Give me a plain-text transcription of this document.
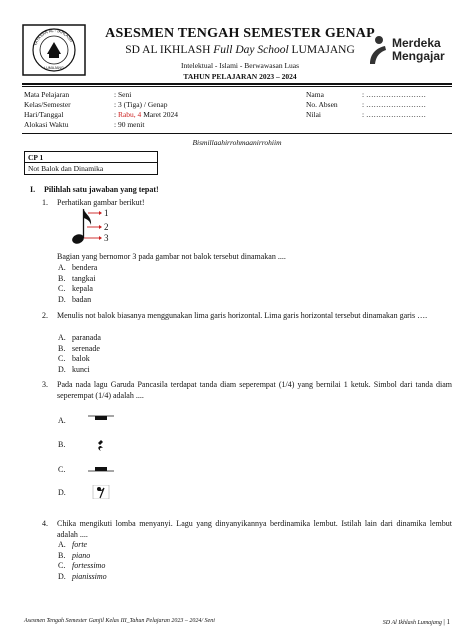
YAYASAN AL - IKHLASH
LUMAJANG
Merdeka
Mengajar
ASESMEN TENGAH SEMESTER GENAP
SD AL IKHLASH Full Day School LUMAJANG
Intelektual - Islami - Berwawasan Luas
TAHUN PELAJARAN 2023 – 2024
Mata Pelajaran	: Seni
Kelas/Semester	: 3 (Tiga) / Genap
Hari/Tanggal	: Rabu, 4 Maret 2024
Alokasi Waktu	: 90 menit
Nama	: ……………………
No. Absen	: ……………………
Nilai	: ……………………
Bismillaahirrohmaanirrohiim
CP 1
Not Balok dan Dinamika
I. Pilihlah satu jawaban yang tepat!
1. Perhatikan gambar berikut!
1
2
3
Bagian yang bernomor 3 pada gambar not balok tersebut dinamakan ....
A. bendera
B. tangkai
C. kepala
D. badan
2. Menulis not balok biasanya menggunakan lima garis horizontal. Lima garis horizontal tersebut dinamakan garis ….
A. paranada
B. serenade
C. balok
D. kunci
3. Pada nada lagu Garuda Pancasila terdapat tanda diam seperempat (1/4) yang bernilai 1 ketuk. Simbol dari tanda diam seperempat (1/4) adalah ....
A.
B.
C.
D.
4. Chika mengikuti lomba menyanyi. Lagu yang dinyanyikannya berdinamika lembut. Istilah lain dari dinamika lembut adalah ....
A. forte
B. piano
C. fortessimo
D. pianissimo
Asesmen Tengah Semester Ganjil Kelas III_Tahun Pelajaran 2023 – 2024/ Seni	SD Al Ikhlash Lumajang | 1
